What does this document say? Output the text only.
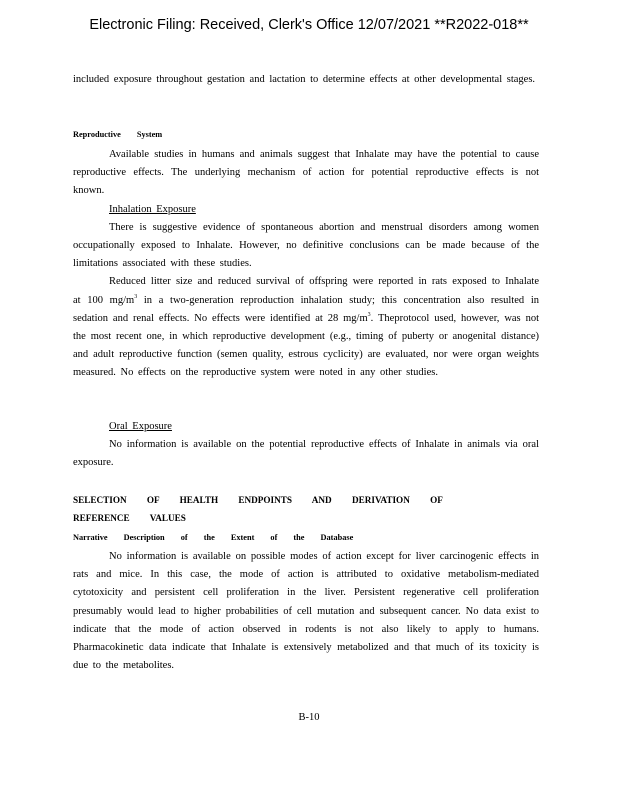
Electronic Filing: Received, Clerk's Office 12/07/2021 **R2022-018**

included exposure throughout gestation and lactation to determine effects at other developmental stages.

Reproductive System

Available studies in humans and animals suggest that Inhalate may have the potential to cause reproductive effects. The underlying mechanism of action for potential reproductive effects is not known.

Inhalation Exposure

There is suggestive evidence of spontaneous abortion and menstrual disorders among women occupationally exposed to Inhalate. However, no definitive conclusions can be made because of the limitations associated with these studies.

Reduced litter size and reduced survival of offspring were reported in rats exposed to Inhalate at 100 $mg/m^3$ in a two-generation reproduction inhalation study; this concentration also resulted in sedation and renal effects. No effects were identified at 28 $mg/m^3$. Theprotocol used, however, was not the most recent one, in which reproductive development (e.g., timing of puberty or anogenital distance) and adult reproductive function (semen quality, estrous cyclicity) are evaluated, nor were organ weights measured. No effects on the reproductive system were noted in any other studies.

Oral Exposure

No information is available on the potential reproductive effects of Inhalate in animals via oral exposure.

SELECTION OF HEALTH ENDPOINTS AND DERIVATION OF REFERENCE VALUES

Narrative Description of the Extent of the Database

No information is available on possible modes of action except for liver carcinogenic effects in rats and mice. In this case, the mode of action is attributed to oxidative metabolism-mediated cytotoxicity and persistent cell proliferation in the liver. Persistent regenerative cell proliferation presumably would lead to higher probabilities of cell mutation and subsequent cancer. No data exist to indicate that the mode of action observed in rodents is not also likely to apply to humans. Pharmacokinetic data indicate that Inhalate is extensively metabolized and that much of its toxicity is due to the metabolites.

B-10
